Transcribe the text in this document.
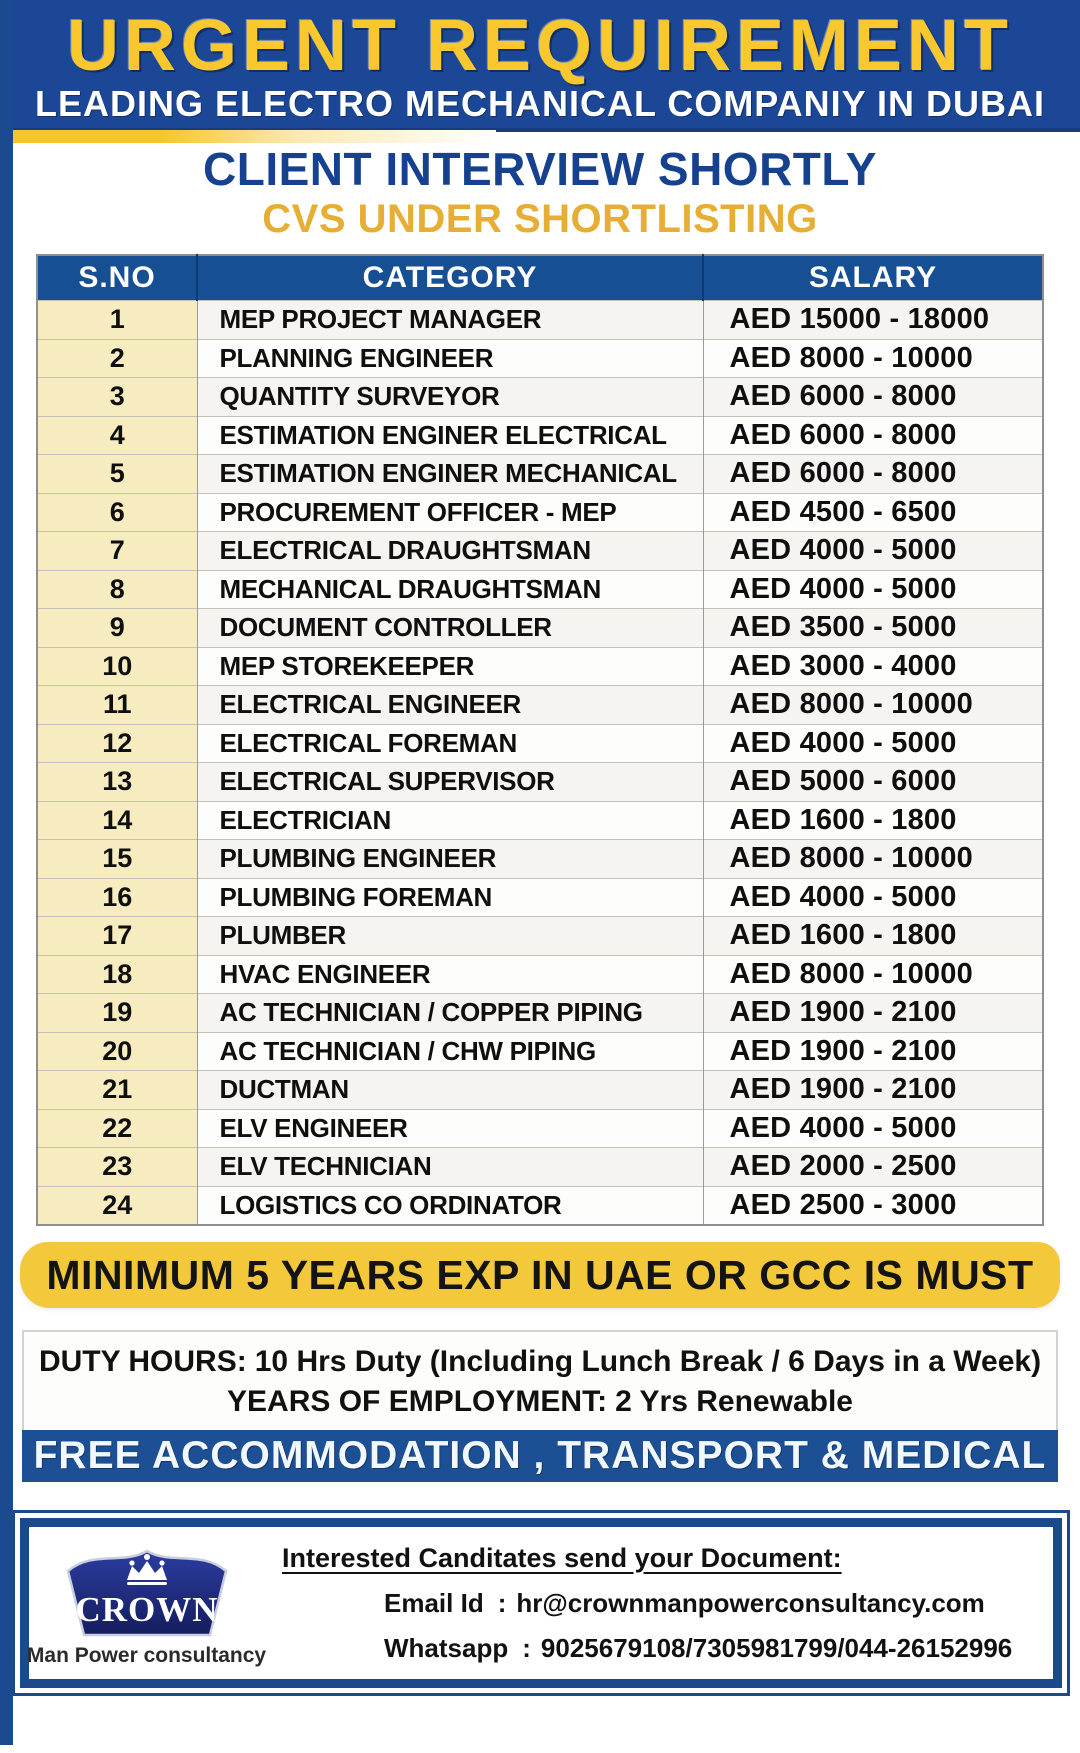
URGENT REQUIREMENT
LEADING ELECTRO MECHANICAL COMPANIY IN DUBAI
CLIENT INTERVIEW SHORTLY
CVS UNDER SHORTLISTING
S.NO	CATEGORY	SALARY
1	MEP PROJECT MANAGER	AED 15000 - 18000
2	PLANNING ENGINEER	AED 8000 - 10000
3	QUANTITY SURVEYOR	AED 6000 - 8000
4	ESTIMATION ENGINER ELECTRICAL	AED 6000 - 8000
5	ESTIMATION ENGINER MECHANICAL	AED 6000 - 8000
6	PROCUREMENT OFFICER - MEP	AED 4500 - 6500
7	ELECTRICAL DRAUGHTSMAN	AED 4000 - 5000
8	MECHANICAL DRAUGHTSMAN	AED 4000 - 5000
9	DOCUMENT CONTROLLER	AED 3500 - 5000
10	MEP STOREKEEPER	AED 3000 - 4000
11	ELECTRICAL ENGINEER	AED 8000 - 10000
12	ELECTRICAL FOREMAN	AED 4000 - 5000
13	ELECTRICAL SUPERVISOR	AED 5000 - 6000
14	ELECTRICIAN	AED 1600 - 1800
15	PLUMBING ENGINEER	AED 8000 - 10000
16	PLUMBING FOREMAN	AED 4000 - 5000
17	PLUMBER	AED 1600 - 1800
18	HVAC ENGINEER	AED 8000 - 10000
19	AC TECHNICIAN / COPPER PIPING	AED 1900 - 2100
20	AC TECHNICIAN / CHW PIPING	AED 1900 - 2100
21	DUCTMAN	AED 1900 - 2100
22	ELV ENGINEER	AED 4000 - 5000
23	ELV TECHNICIAN	AED 2000 - 2500
24	LOGISTICS CO ORDINATOR	AED 2500 - 3000
MINIMUM 5 YEARS EXP IN UAE OR GCC IS MUST
DUTY HOURS: 10 Hrs Duty (Including Lunch Break / 6 Days in a Week)
YEARS OF EMPLOYMENT: 2 Yrs Renewable
FREE ACCOMMODATION , TRANSPORT & MEDICAL
CROWN
Man Power consultancy
Interested Canditates send your Document:
Email Id : hr@crownmanpowerconsultancy.com
Whatsapp : 9025679108/7305981799/044-26152996
